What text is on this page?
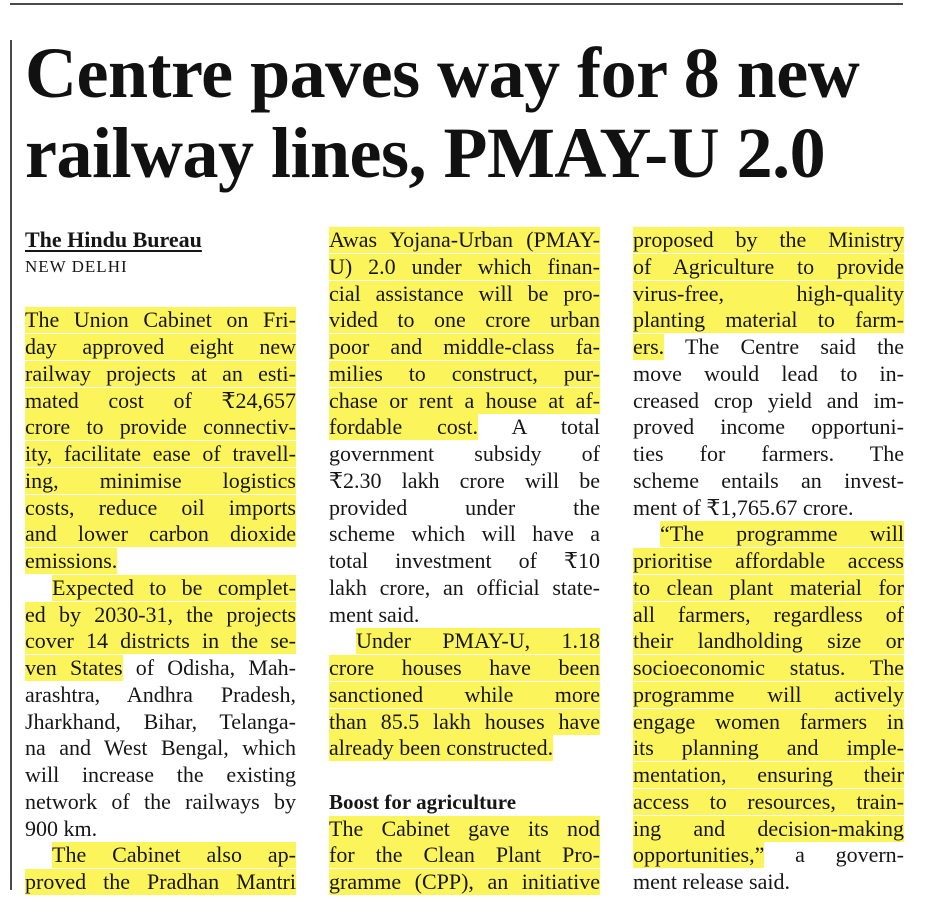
Centre paves way for 8 new
railway lines, PMAY-U 2.0
The Hindu Bureau
NEW DELHI
The Union Cabinet on Fri-
day approved eight new
railway projects at an esti-
mated cost of ₹24,657
crore to provide connectiv-
ity, facilitate ease of travell-
ing, minimise logistics
costs, reduce oil imports
and lower carbon dioxide
emissions.
Expected to be complet-
ed by 2030-31, the projects
cover 14 districts in the se-
ven States of Odisha, Mah-
arashtra, Andhra Pradesh,
Jharkhand, Bihar, Telanga-
na and West Bengal, which
will increase the existing
network of the railways by
900 km.
The Cabinet also ap-
proved the Pradhan Mantri
Awas Yojana-Urban (PMAY-
U) 2.0 under which finan-
cial assistance will be pro-
vided to one crore urban
poor and middle-class fa-
milies to construct, pur-
chase or rent a house at af-
fordable cost. A total
government subsidy of
₹2.30 lakh crore will be
provided under the
scheme which will have a
total investment of ₹10
lakh crore, an official state-
ment said.
Under PMAY-U, 1.18
crore houses have been
sanctioned while more
than 85.5 lakh houses have
already been constructed.
Boost for agriculture
The Cabinet gave its nod
for the Clean Plant Pro-
gramme (CPP), an initiative
proposed by the Ministry
of Agriculture to provide
virus-free, high-quality
planting material to farm-
ers. The Centre said the
move would lead to in-
creased crop yield and im-
proved income opportuni-
ties for farmers. The
scheme entails an invest-
ment of ₹1,765.67 crore.
“The programme will
prioritise affordable access
to clean plant material for
all farmers, regardless of
their landholding size or
socioeconomic status. The
programme will actively
engage women farmers in
its planning and imple-
mentation, ensuring their
access to resources, train-
ing and decision-making
opportunities,” a govern-
ment release said.
